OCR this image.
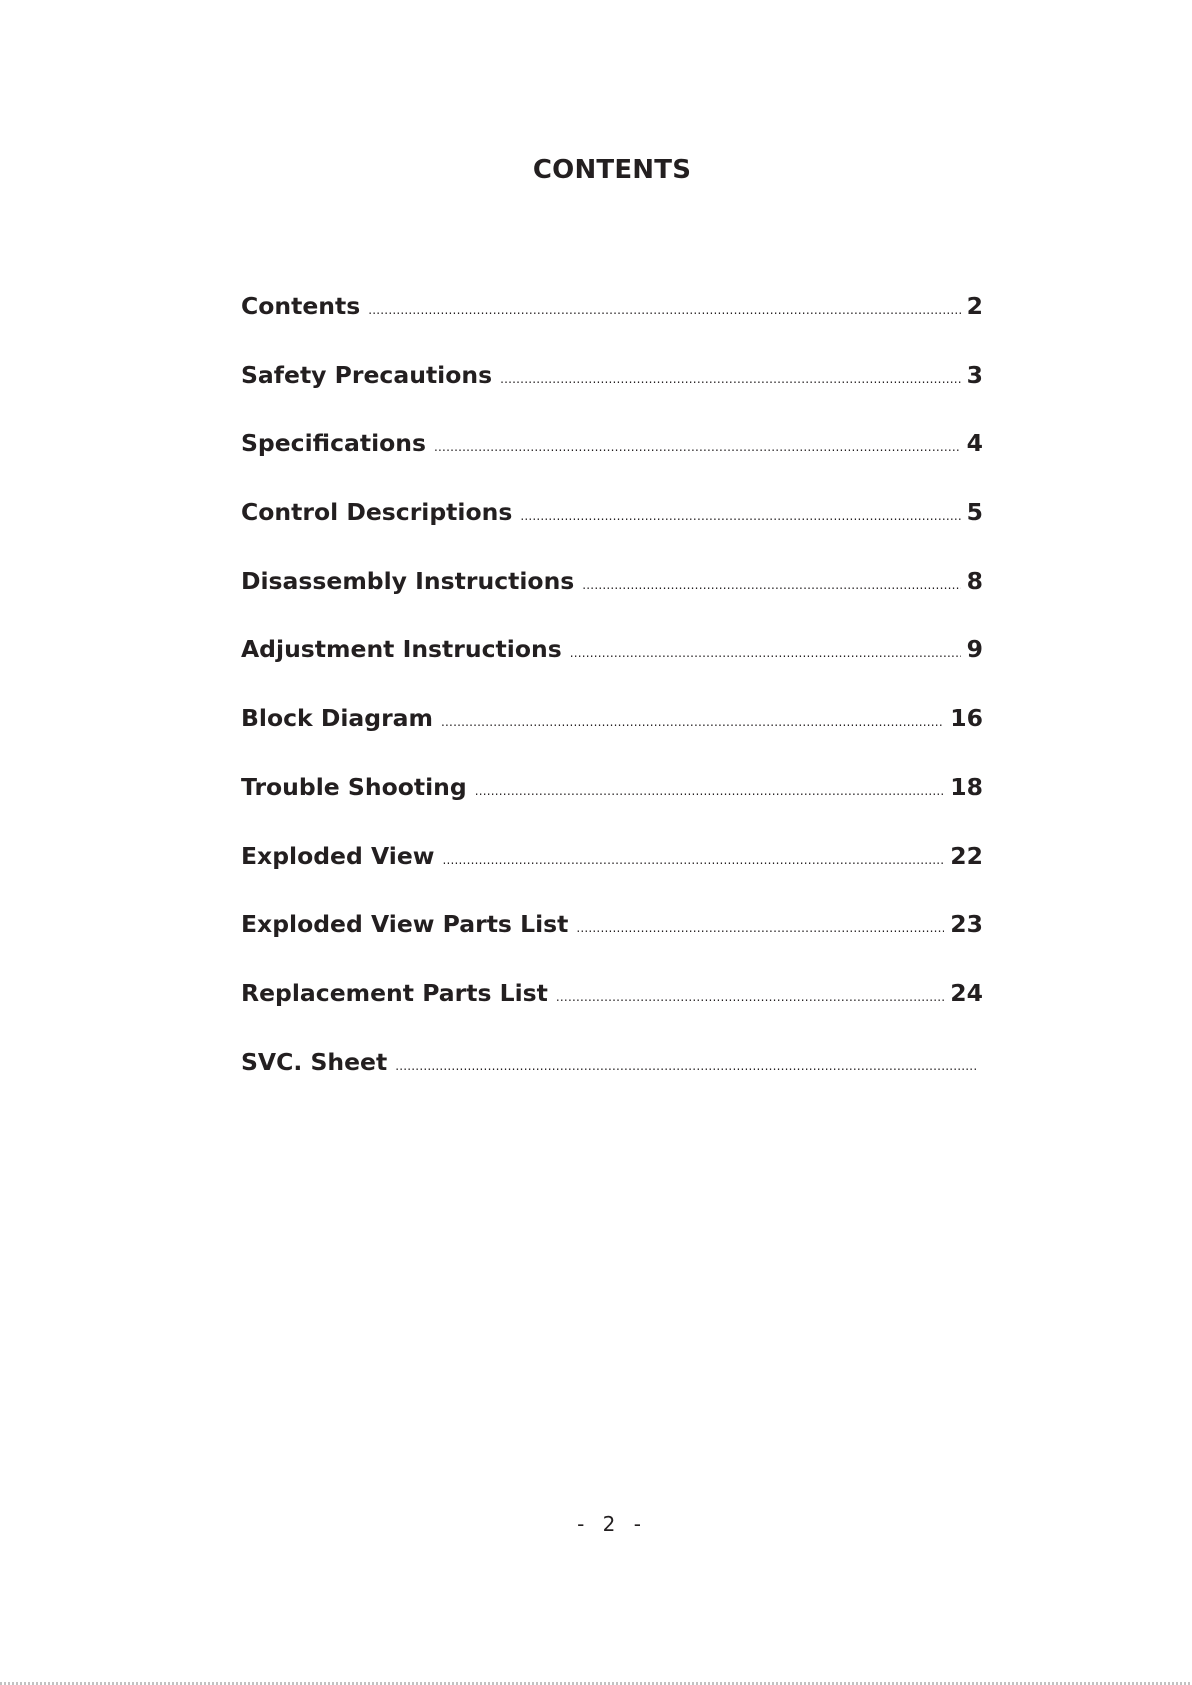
CONTENTS
Contents .....	2
Safety Precautions .....	3
Specifications .....	4
Control Descriptions .....	5
Disassembly Instructions .....	8
Adjustment Instructions .....	9
Block Diagram .....	16
Trouble Shooting .....	18
Exploded View .....	22
Exploded View Parts List .....	23
Replacement Parts List .....	24
SVC. Sheet
.....
- 2 -
